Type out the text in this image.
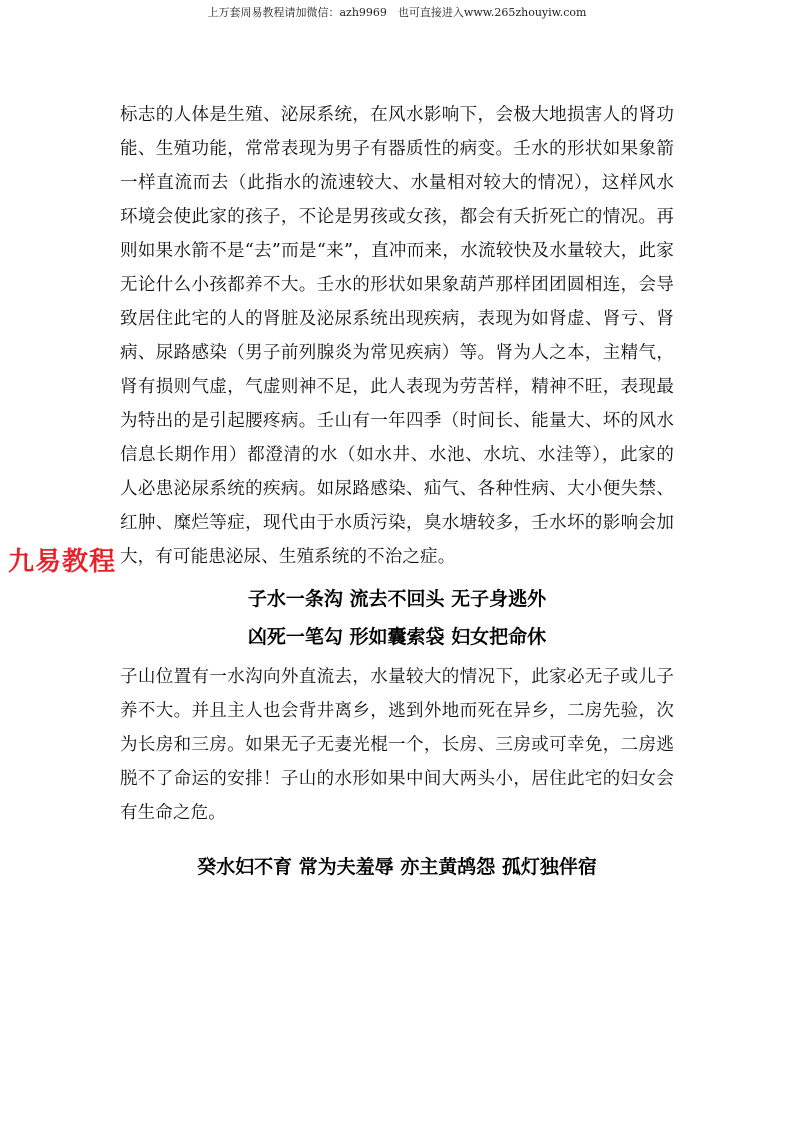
上万套周易教程请加微信：azh9969　也可直接进入www.265zhouyiw.com

标志的人体是生殖、泌尿系统，在风水影响下，会极大地损害人的肾功能、生殖功能，常常表现为男子有器质性的病变。壬水的形状如果象箭一样直流而去（此指水的流速较大、水量相对较大的情况），这样风水环境会使此家的孩子，不论是男孩或女孩，都会有夭折死亡的情况。再则如果水箭不是“去”而是“来”，直冲而来，水流较快及水量较大，此家无论什么小孩都养不大。壬水的形状如果象葫芦那样团团圆相连，会导致居住此宅的人的肾脏及泌尿系统出现疾病，表现为如肾虚、肾亏、肾病、尿路感染（男子前列腺炎为常见疾病）等。肾为人之本，主精气，肾有损则气虚，气虚则神不足，此人表现为劳苦样，精神不旺，表现最为特出的是引起腰疼病。壬山有一年四季（时间长、能量大、坏的风水信息长期作用）都澄清的水（如水井、水池、水坑、水洼等），此家的人必患泌尿系统的疾病。如尿路感染、疝气、各种性病、大小便失禁、红肿、糜烂等症，现代由于水质污染，臭水塘较多，壬水坏的影响会加大，有可能患泌尿、生殖系统的不治之症。

子水一条沟 流去不回头 无子身逃外

凶死一笔勾 形如囊索袋 妇女把命休

子山位置有一水沟向外直流去，水量较大的情况下，此家必无子或儿子养不大。并且主人也会背井离乡，逃到外地而死在异乡，二房先验，次为长房和三房。如果无子无妻光棍一个，长房、三房或可幸免，二房逃脱不了命运的安排！子山的水形如果中间大两头小，居住此宅的妇女会有生命之危。

癸水妇不育 常为夫羞辱 亦主黄鸪怨 孤灯独伴宿

九易教程
